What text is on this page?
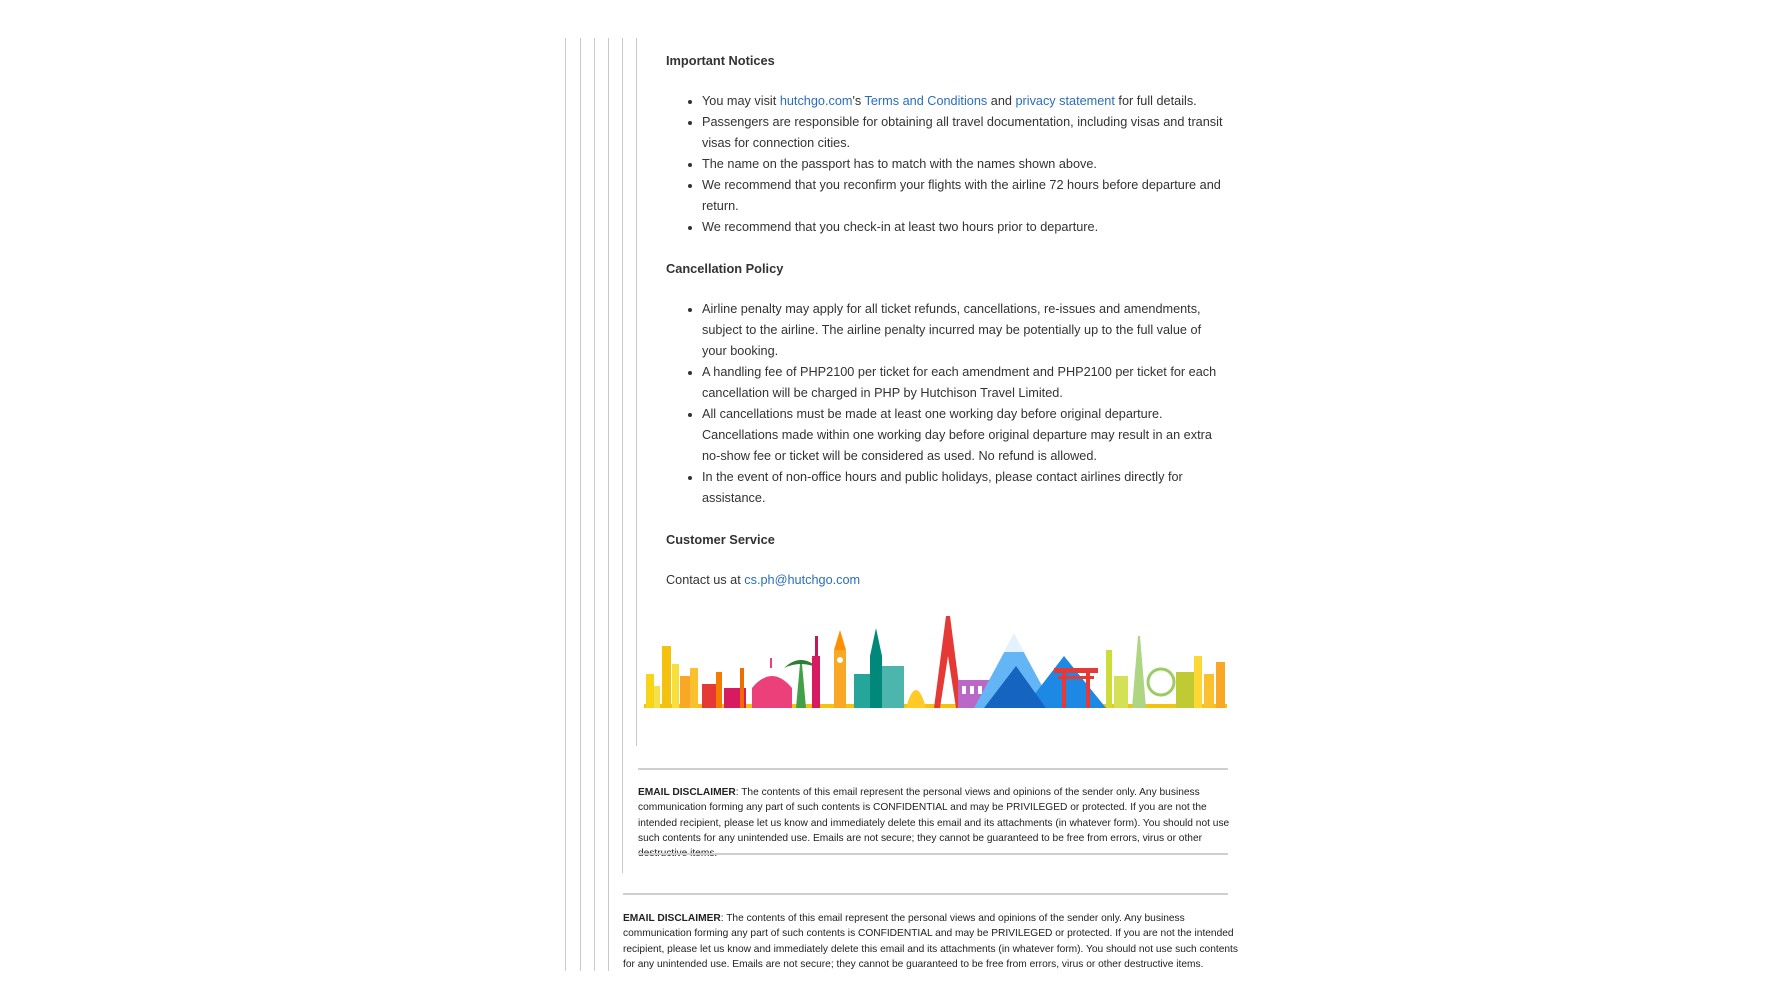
Important Notices

• You may visit hutchgo.com's Terms and Conditions and privacy statement for full details.
• Passengers are responsible for obtaining all travel documentation, including visas and transit visas for connection cities.
• The name on the passport has to match with the names shown above.
• We recommend that you reconfirm your flights with the airline 72 hours before departure and return.
• We recommend that you check-in at least two hours prior to departure.

Cancellation Policy

• Airline penalty may apply for all ticket refunds, cancellations, re-issues and amendments, subject to the airline. The airline penalty incurred may be potentially up to the full value of your booking.
• A handling fee of PHP2100 per ticket for each amendment and PHP2100 per ticket for each cancellation will be charged in PHP by Hutchison Travel Limited.
• All cancellations must be made at least one working day before original departure. Cancellations made within one working day before original departure may result in an extra no-show fee or ticket will be considered as used. No refund is allowed.
• In the event of non-office hours and public holidays, please contact airlines directly for assistance.

Customer Service

Contact us at cs.ph@hutchgo.com

EMAIL DISCLAIMER: The contents of this email represent the personal views and opinions of the sender only. Any business communication forming any part of such contents is CONFIDENTIAL and may be PRIVILEGED or protected. If you are not the intended recipient, please let us know and immediately delete this email and its attachments (in whatever form). You should not use such contents for any unintended use. Emails are not secure; they cannot be guaranteed to be free from errors, virus or other
EMAIL DISCLAIMER: The contents of this email represent the personal views and opinions of the sender only. Any business communication forming any part of such contents is CONFIDENTIAL and may be PRIVILEGED or protected. If you are not the intended recipient, please let us know and immediately delete this email and its attachments (in whatever form). You should not use such contents for any unintended use. Emails are not secure; they cannot be guaranteed to be free from errors, virus or other destructive items.
